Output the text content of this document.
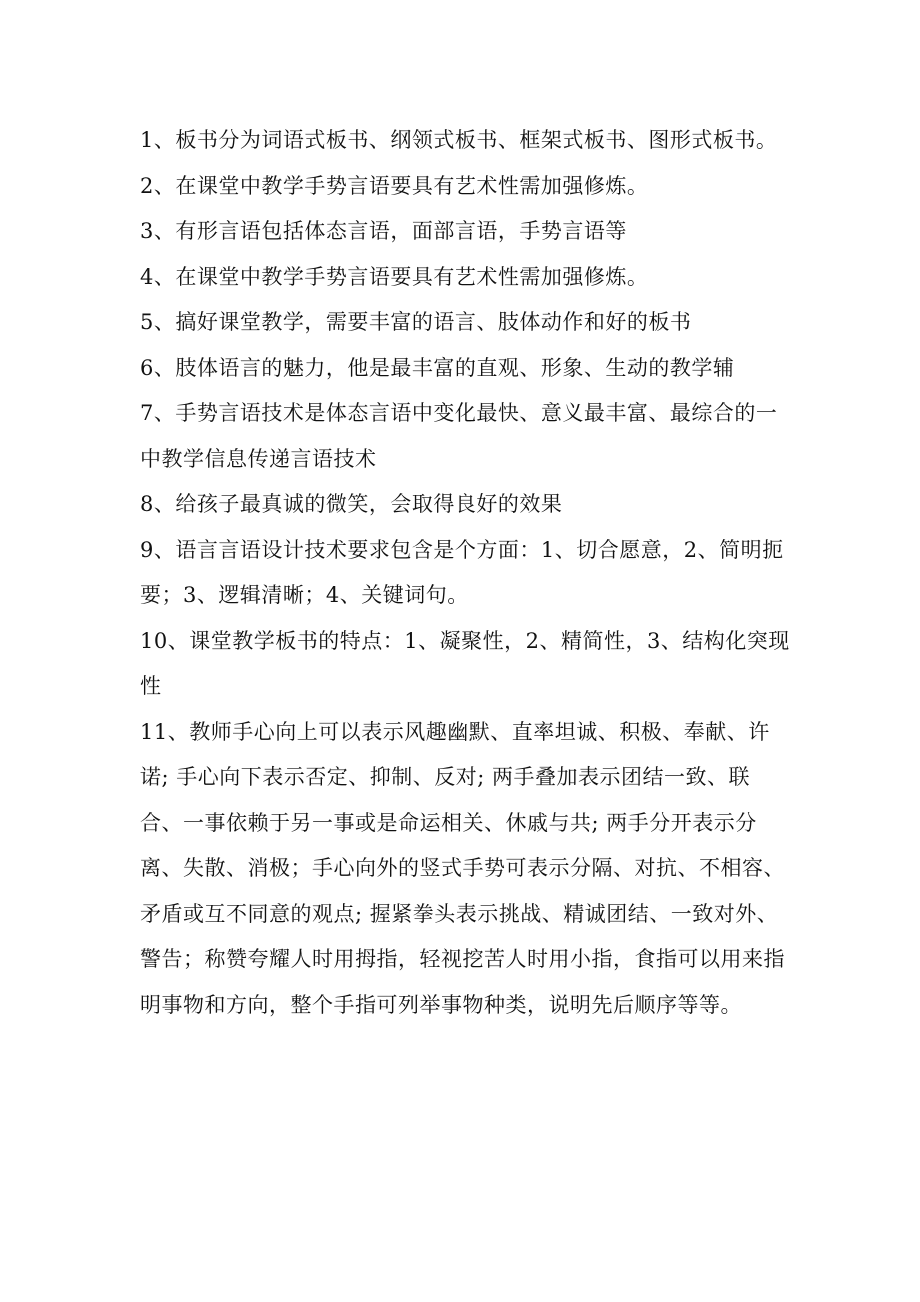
1、板书分为词语式板书、纲领式板书、框架式板书、图形式板书。

2、在课堂中教学手势言语要具有艺术性需加强修炼。

3、有形言语包括体态言语，面部言语，手势言语等

4、在课堂中教学手势言语要具有艺术性需加强修炼。

5、搞好课堂教学，需要丰富的语言、肢体动作和好的板书

6、肢体语言的魅力，他是最丰富的直观、形象、生动的教学辅

7、手势言语技术是体态言语中变化最快、意义最丰富、最综合的一中教学信息传递言语技术

8、给孩子最真诚的微笑，会取得良好的效果

9、语言言语设计技术要求包含是个方面：1、切合愿意，2、简明扼要；3、逻辑清晰；4、关键词句。

10、课堂教学板书的特点：1、凝聚性，2、精简性，3、结构化突现性

11、教师手心向上可以表示风趣幽默、直率坦诚、积极、奉献、许诺; 手心向下表示否定、抑制、反对; 两手叠加表示团结一致、联合、一事依赖于另一事或是命运相关、休戚与共; 两手分开表示分离、失散、消极；手心向外的竖式手势可表示分隔、对抗、不相容、矛盾或互不同意的观点; 握紧拳头表示挑战、精诚团结、一致对外、警告；称赞夸耀人时用拇指，轻视挖苦人时用小指，食指可以用来指明事物和方向，整个手指可列举事物种类，说明先后顺序等等。
